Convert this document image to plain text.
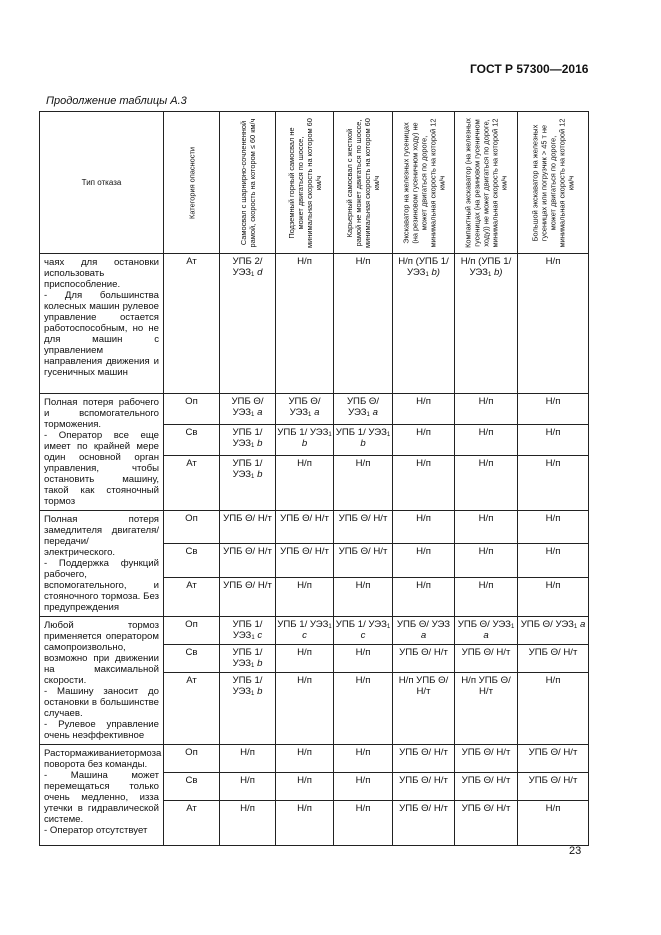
ГОСТ Р 57300—2016
Продолжение таблицы А.3
Тип отказа	Категория опасности	Самосвал с шарнирно-сочлененной рамой, скорость на котором ≤ 60 км/ч	Подземный горный самосвал не может двигаться по шоссе, минимальная скорость на котором 60 км/ч	Карьерный самосвал с жесткой рамой не может двигаться по шоссе, минимальная скорость на котором 60 км/ч	Экскаватор на железных гусеницах (на резиновом гусеничном ходу) не может двигаться по дороге, минимальная скорость на которой 12 км/ч	Компактный экскаватор (на железных гусеницах (на резиновом гусеничном ходу)) не может двигаться по дороге, минимальная скорость на которой 12 км/ч	Большой экскаватор на железных гусеницах или погрузчик > 45 т не может двигаться по дороге, минимальная скорость на которой 12 км/ч

чаях для остановки использовать приспособление.
- Для большинства колесных машин рулевое управление остается работоспособным, но не для машин с управлением направления движения и гусеничных машин	Ат	УПБ 2/ $УЭЗ_1$ d	Н/п	Н/п	Н/п (УПБ 1/ $УЭЗ_1$ b)	Н/п (УПБ 1/ $УЭЗ_1$ b)	Н/п
Полная потеря рабочего и вспомогательного торможения.
- Оператор все еще имеет по крайней мере один основной орган управления, чтобы остановить машину, такой как стояночный тормоз	Оп	УПБ Θ/ $УЭЗ_1$ a	УПБ Θ/ $УЭЗ_1$ a	УПБ Θ/ $УЭЗ_1$ a	Н/п	Н/п	Н/п
	Св	УПБ 1/ $УЭЗ_1$ b	УПБ 1/ $УЭЗ_1$ b	УПБ 1/ $УЭЗ_1$ b	Н/п	Н/п	Н/п
	Ат	УПБ 1/ $УЭЗ_1$ b	Н/п	Н/п	Н/п	Н/п	Н/п
Полная потеря замедлителя двигателя/передачи/электрического.
- Поддержка функций рабочего, вспомогательного, и стояночного тормоза. Без предупреждения	Оп	УПБ Θ/ Н/т	УПБ Θ/ Н/т	УПБ Θ/ Н/т	Н/п	Н/п	Н/п
	Св	УПБ Θ/ Н/т	УПБ Θ/ Н/т	УПБ Θ/ Н/т	Н/п	Н/п	Н/п
	Ат	УПБ Θ/ Н/т	Н/п	Н/п	Н/п	Н/п	Н/п
Любой тормоз применяется оператором самопроизвольно, возможно при движении на максимальной скорости.
- Машину заносит до остановки в большинстве случаев.
- Рулевое управление очень неэффективное	Оп	УПБ 1/ $УЭЗ_1$ c	УПБ 1/ $УЭЗ_1$ c	УПБ 1/ $УЭЗ_1$ c	УПБ Θ/ УЭЗ a	УПБ Θ/ $УЭЗ_1$ a	УПБ Θ/ $УЭЗ_1$ a
	Св	УПБ 1/ $УЭЗ_1$ b	Н/п	Н/п	УПБ Θ/ Н/т	УПБ Θ/ Н/т	УПБ Θ/ Н/т
	Ат	УПБ 1/ $УЭЗ_1$ b	Н/п	Н/п	Н/п УПБ Θ/ Н/т	Н/п УПБ Θ/ Н/т	Н/п
Растормаживаниетормоза поворота без команды.
- Машина может перемещаться только очень медленно, изза утечки в гидравлической системе.
- Оператор отсутствует	Оп	Н/п	Н/п	Н/п	УПБ Θ/ Н/т	УПБ Θ/ Н/т	УПБ Θ/ Н/т
	Св	Н/п	Н/п	Н/п	УПБ Θ/ Н/т	УПБ Θ/ Н/т	УПБ Θ/ Н/т
	Ат	Н/п	Н/п	Н/п	УПБ Θ/ Н/т	УПБ Θ/ Н/т	Н/п
23
